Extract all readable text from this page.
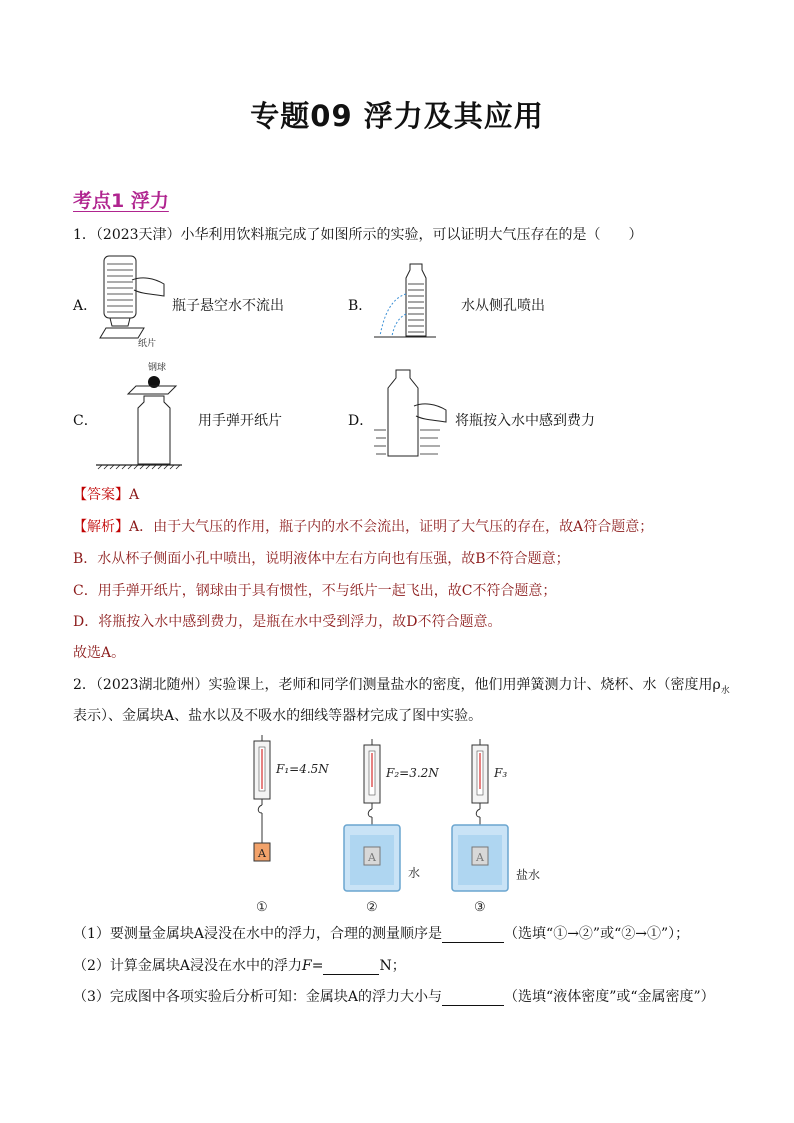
专题09 浮力及其应用
考点1 浮力
1．（2023天津）小华利用饮料瓶完成了如图所示的实验，可以证明大气压存在的是（　　）
A．
纸片
瓶子悬空水不流出	B．	水从侧孔喷出
C．
钢球
用手弹开纸片	D．	将瓶按入水中感到费力
【答案】A
【解析】A．由于大气压的作用，瓶子内的水不会流出，证明了大气压的存在，故A符合题意；
B．水从杯子侧面小孔中喷出，说明液体中左右方向也有压强，故B不符合题意；
C．用手弹开纸片，钢球由于具有惯性，不与纸片一起飞出，故C不符合题意；
D．将瓶按入水中感到费力，是瓶在水中受到浮力，故D不符合题意。
故选A。
2．（2023湖北随州）实验课上，老师和同学们测量盐水的密度，他们用弹簧测力计、烧杯、水（密度用$\rho_水$
表示）、金属块A、盐水以及不吸水的细线等器材完成了图中实验。
A
F₁=4.5N	F₂=3.2N
A
水
F₃
A
盐水
①	②	③
（1）要测量金属块A浸没在水中的浮力，合理的测量顺序是	（选填“①→②”或“②→①”）；
（2）计算金属块A浸没在水中的浮力F=	N；
（3）完成图中各项实验后分析可知：金属块A的浮力大小与	（选填“液体密度”或“金属密度”）
